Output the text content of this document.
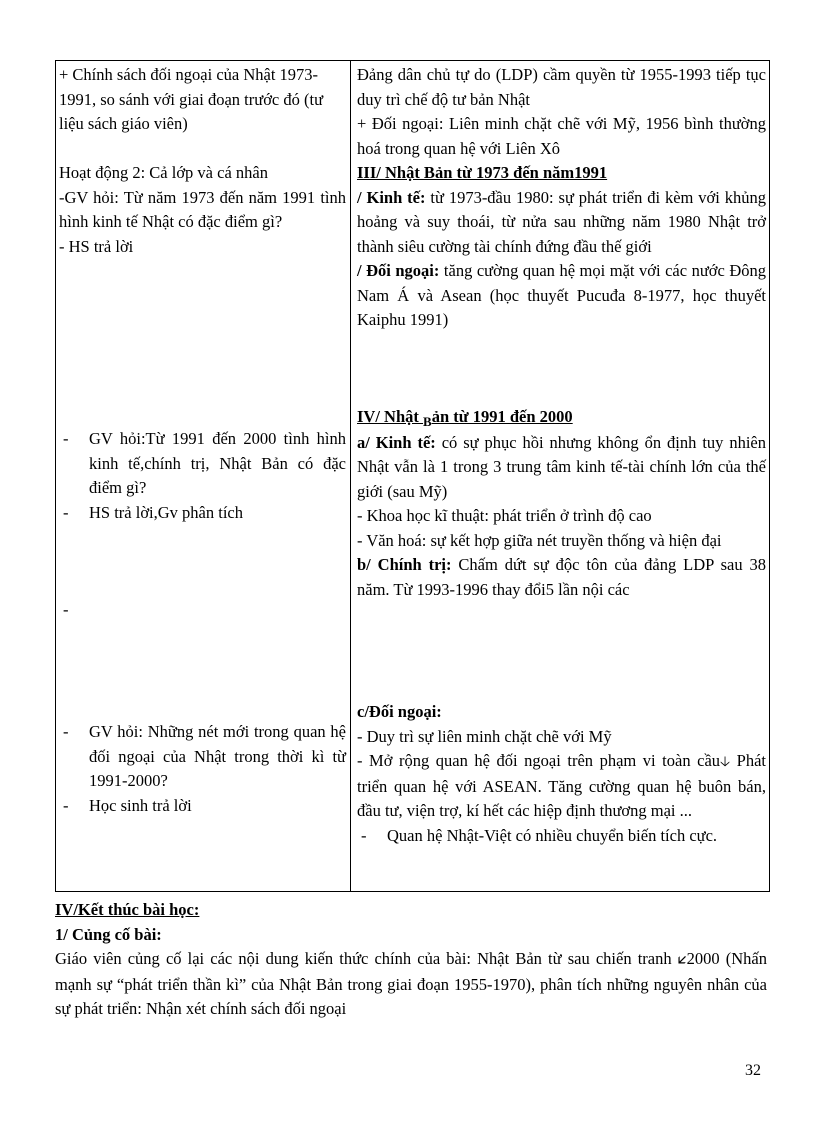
+ Chính sách đối ngoại của Nhật 1973-1991, so sánh với giai đoạn trước đó (tư liệu sách giáo viên)
Hoạt động 2: Cả lớp và cá nhân
-GV hỏi: Từ năm 1973 đến năm 1991 tình hình kinh tế Nhật có đặc điểm gì?
- HS trả lời
- GV hỏi:Từ 1991 đến 2000 tình hình kinh tế,chính trị, Nhật Bản có đặc điểm gì?
- HS trả lời,Gv phân tích
-
- GV hỏi: Những nét mới trong quan hệ đối ngoại của Nhật trong thời kì từ 1991-2000?
- Học sinh trả lời
Đảng dân chủ tự do (LDP) cầm quyền từ 1955-1993 tiếp tục duy trì chế độ tư bản Nhật
+ Đối ngoại: Liên minh chặt chẽ với Mỹ, 1956 bình thường hoá trong quan hệ với Liên Xô
III/ Nhật Bản từ 1973 đến năm1991
/ Kinh tế: từ 1973-đầu 1980: sự phát triển đi kèm với khủng hoảng và suy thoái, từ nửa sau những năm 1980 Nhật trở thành siêu cường tài chính đứng đầu thế giới
/ Đối ngoại: tăng cường quan hệ mọi mặt với các nước Đông Nam Á và Asean (học thuyết Pucuđa 8-1977, học thuyết Kaiphu 1991)
IV/ Nhật $_B$ản từ 1991 đến 2000
a/ Kinh tế: có sự phục hồi nhưng không ổn định tuy nhiên Nhật vẫn là 1 trong 3 trung tâm kinh tế-tài chính lớn của thế giới (sau Mỹ)
- Khoa học kĩ thuật: phát triển ở trình độ cao
- Văn hoá: sự kết hợp giữa nét truyền thống và hiện đại
b/ Chính trị: Chấm dứt sự độc tôn của đảng LDP sau 38 năm. Từ 1993-1996 thay đổi5 lần nội các
c/Đối ngoại:
- Duy trì sự liên minh chặt chẽ với Mỹ
- Mở rộng quan hệ đối ngoại trên phạm vi toàn cầu🡣 Phát triển quan hệ với ASEAN. Tăng cường quan hệ buôn bán, đầu tư, viện trợ, kí hết các hiệp định thương mại ...
- Quan hệ Nhật-Việt có nhiều chuyển biến tích cực.
IV/Kết thúc bài học:
1/ Củng cố bài:
Giáo viên củng cố lại các nội dung kiến thức chính của bài: Nhật Bản từ sau chiến tranh 🡯2000 (Nhấn mạnh sự “phát triển thần kì” của Nhật Bản trong giai đoạn 1955-1970), phân tích những nguyên nhân của sự phát triển: Nhận xét chính sách đối ngoại
32
